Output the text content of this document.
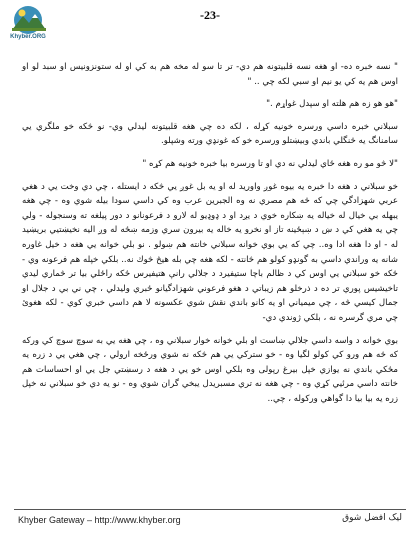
Khyber.ORG
-23-

" نسه خبره ده- او هغه نسه قلبيتونه هم دي- تر تا سو له مخه هم به كي او له ستونزونيس او سبد لو او اوس هم يه كي يو نيم او سبي لكه چي .. "

"هو هو زه هم هلته او سپدل غواړم ."

سبلاني خبره داسي ورسره خونيه كړله ، لكه ده چي هغه قلبيتونه ليدلي وي- نو څكه خو ملگري يي سامنانگ يه څنگلي باندي وبيښتلو ورسره خو كه غونډي ورته وشپلو.

"لا څو مو ره هغه ځاي ليدلي نه دي او تا ورسره بيا خبره خونيه هم كړه "

خو سبلاني د هغه دا خبره يه بيوه غوږ واوريد له او يه بل غوږ يي څكه د ايستله ، چي دي وخت يي د هغي عربي شهزادگي چي كه څه هم مصري نه وه الجبرين عرب وه كي داسي سودا بيله شوي وه - چي هغه يبهله بي خيال له خياله يه ښكاره خوي د يږد او د ډوډيو له لارو د فرعونانو د دور پيلغه ته وسنجوله - ولي چي يه هغي كي د ښ د ښېځينه تاز او نخرو يه خاله يه بيرون سري وزمه ښځه له وږ اليه نخيښتيي بريښيد له - او دا هغه ادا وه.. چي كه يي بوي خوانه سبلاني خانته هم ښولو . نو بلي خوانه يي هغه د خيل غاوره شانه يه وراندي داسي به گونډو كولو هم څانته - لكه هغه چي بله هيڅ څوك نه.. بلكي خپله هم فرعونه وي - څكه خو سبلاني يي اوس كي د ظالم باچا ستيفيرد د جلالي رانې هتيفيرس ځكه راځلي بيا تر څماري ليدي تاخيشيس پوري تر ده د ذرخلو هم زيباتي د هغو فرعوني شهزادگيانو ځبري وليدلي ، چي ني بي د جلال او جمال كيسي څه ، چي ميمياني او يه كانو باندي نقش شوي عكسونه لا هم داسي خبري كوي - لكه هغوئ چي مري گرسره نه ، بلكي ژوندي دي-

بوي خوانه د واسه داسي جلالي ښاست او بلي خوانه خوار سبلاني وه ، چي هغه يي به سوچ سوچ كي وركه كه څه هم ورو كي كولو لگيا وه - خو ستركي يي هم څكه نه شوي ورځخه ارولي ، چي هغي يي د زره يه مځكي باندي نه يوازي خپل بيرغ رپولى وه بلكي اوس خو يي د هغه د رسښتي جل يي او احساسات هم خانته داسي مرئيي كړي وه - چي هغه نه تري مسبريدل يبخي گران شوي وه - نو يه دي خو سبلاني نه خپل زره يه بيا بيا دا گواهي وركوله ، چي..

Khyber Gateway – http://www.khyber.org	ليک افضل شوق
